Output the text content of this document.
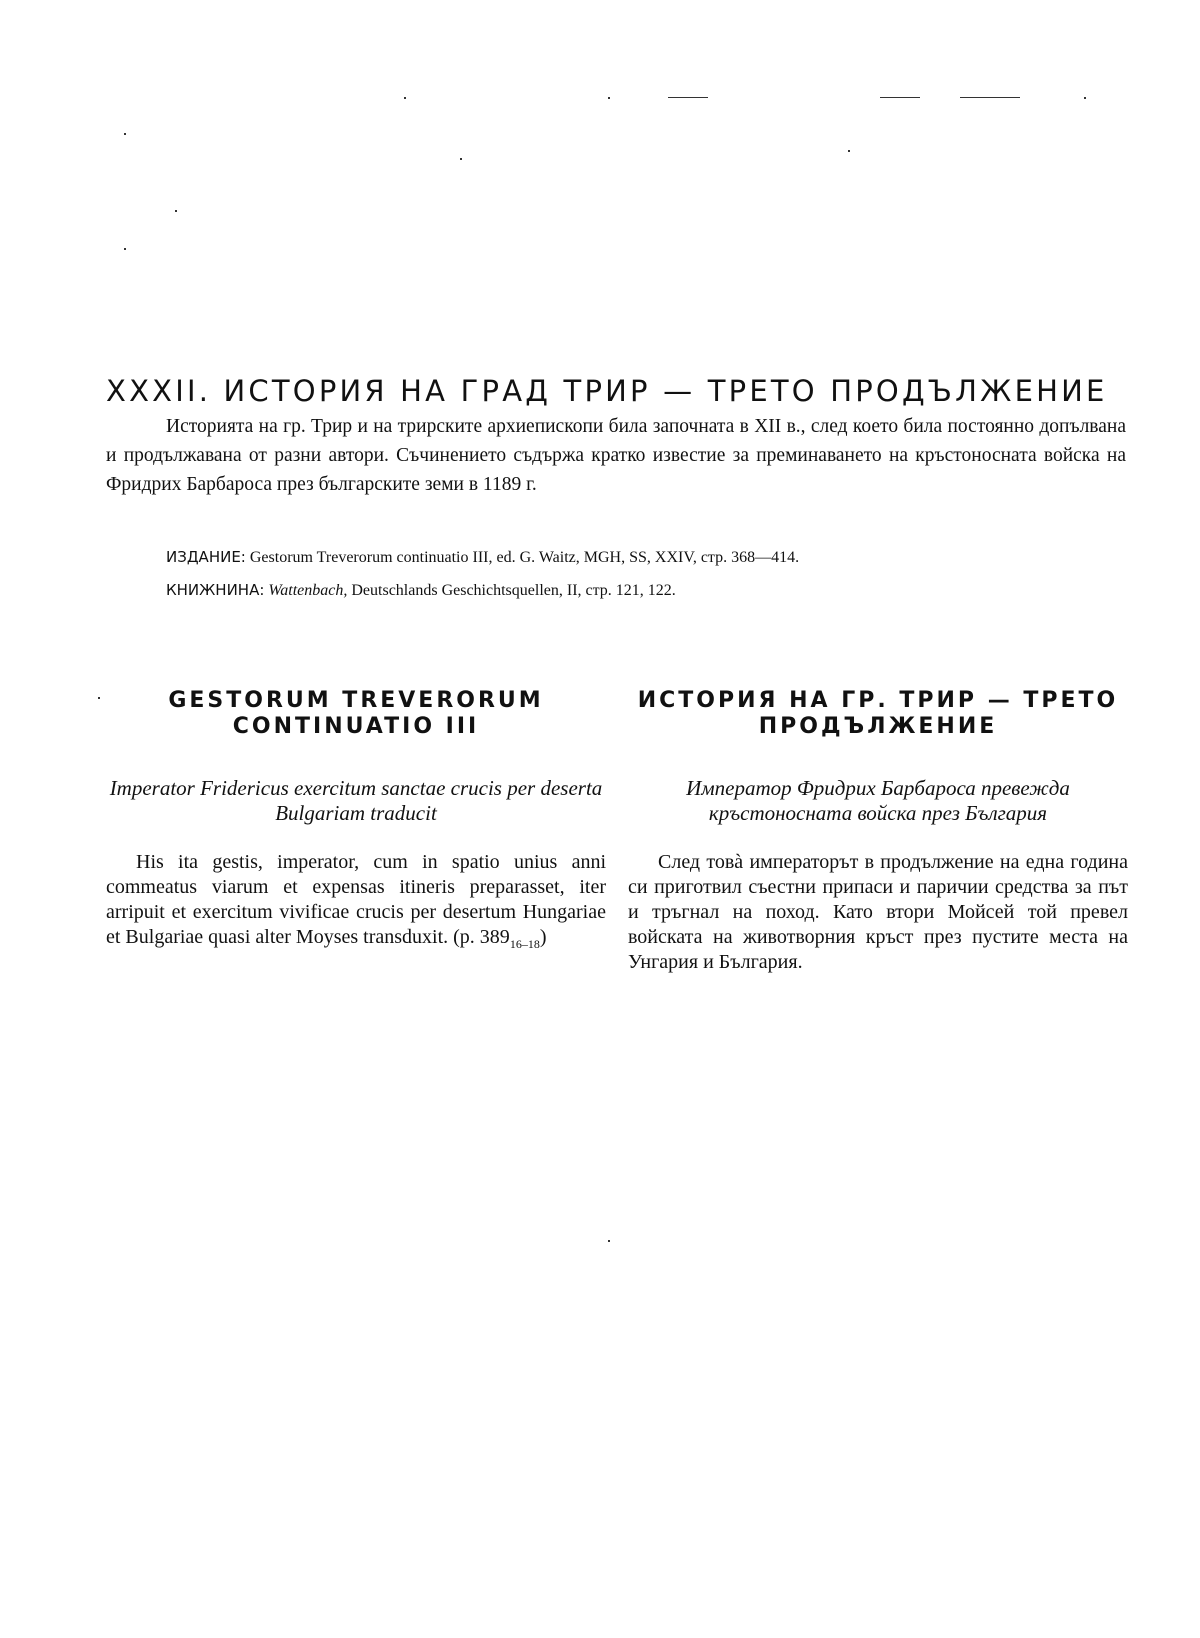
XXXII. ИСТОРИЯ НА ГРАД ТРИР — ТРЕТО ПРОДЪЛЖЕНИЕ

Историята на гр. Трир и на трирските архиепископи била започната в XII в., след което била постоянно допълвана и продължавана от разни автори. Съчинението съдържа кратко известие за преминаването на кръстоносната войска на Фридрих Барбароса през българските земи в 1189 г.

ИЗДАНИЕ: Gestorum Treverorum continuatio III, ed. G. Waitz, MGH, SS, XXIV, стр. 368—414.
КНИЖНИНА: Wattenbach, Deutschlands Geschichtsquellen, II, стр. 121, 122.
GESTORUM TREVERORUM CONTINUATIO III

Imperator Fridericus exercitum sanctae crucis per deserta Bulgariam traducit

His ita gestis, imperator, cum in spatio unius anni commeatus viarum et expensas itineris preparasset, iter arripuit et exercitum vivificae crucis per desertum Hungariae et Bulgariae quasi alter Moyses transduxit. (p. $389_{16-18}$)

ИСТОРИЯ НА ГР. ТРИР — ТРЕТО ПРОДЪЛЖЕНИЕ

Император Фридрих Барбароса превежда кръстоносната войска през България

След товà императорът в продължение на една година си приготвил съестни припаси и паричии средства за път и тръгнал на поход. Като втори Мойсей той превел войската на животворния кръст през пустите места на Унгария и България.
